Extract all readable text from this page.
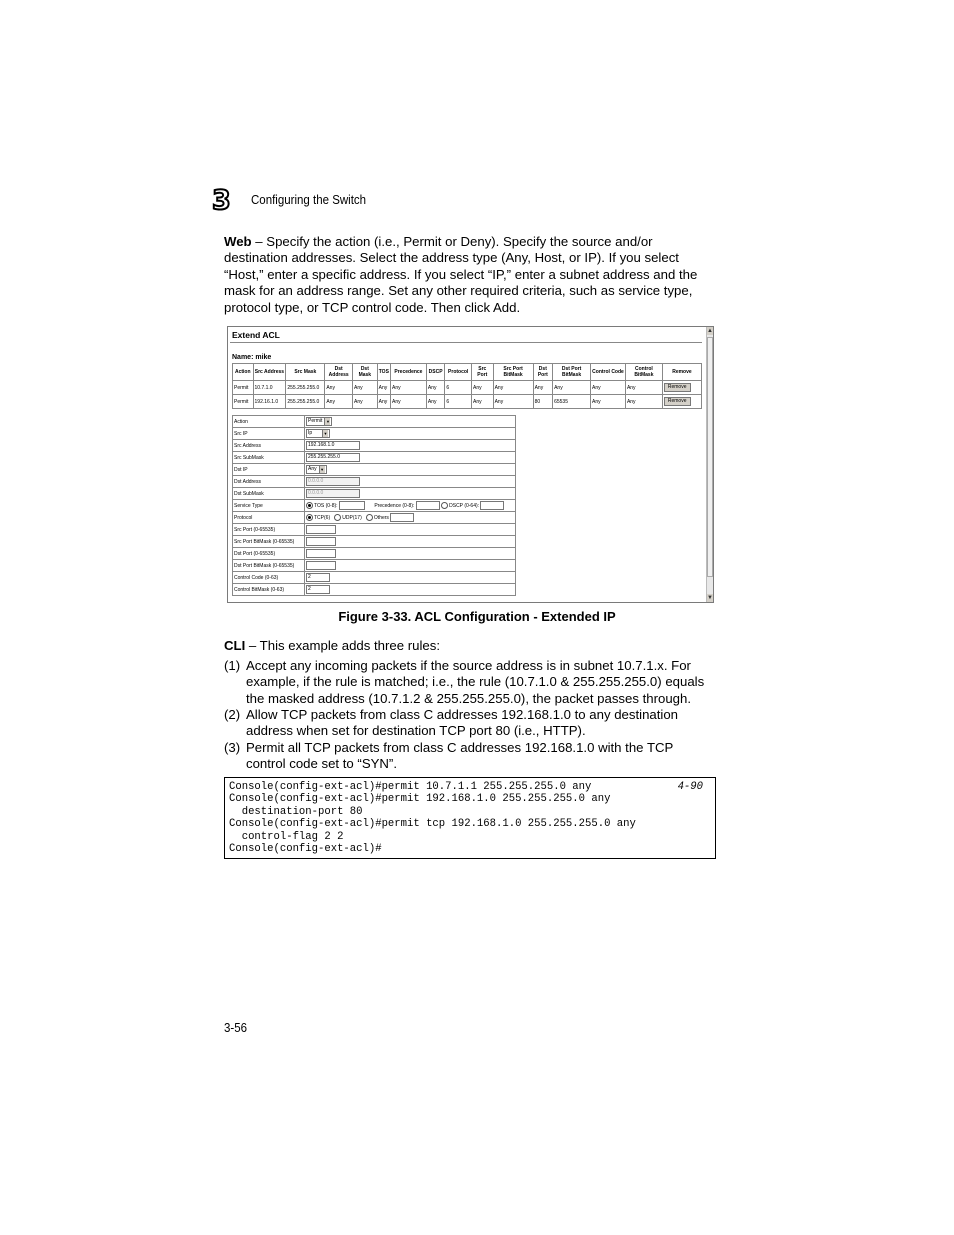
3	Configuring the Switch
Web – Specify the action (i.e., Permit or Deny). Specify the source and/or destination addresses. Select the address type (Any, Host, or IP). If you select “Host,” enter a specific address. If you select “IP,” enter a subnet address and the mask for an address range. Set any other required criteria, such as service type, protocol type, or TCP control code. Then click Add.
Extend ACL
Name: mike
Action	Src Address	Src Mask	Dst Address	Dst Mask	TOS	Precedence	DSCP	Protocol	Src Port	Src Port BitMask	Dst Port	Dst Port BitMask	Control Code	Control BitMask	Remove
Permit	10.7.1.0	255.255.255.0	Any	Any	Any	Any	Any	6	Any	Any	Any	Any	Any	Any	Remove
Permit	192.16.1.0	255.255.255.0	Any	Any	Any	Any	Any	6	Any	Any	80	65535	Any	Any	Remove
Action	Permit ▼
Src IP	Ip ▼

Src Address	192.168.1.0
Src SubMask	255.255.255.0
Dst IP	Any ▼
Dst Address	0.0.0.0
Dst SubMask	0.0.0.0
Service Type	TOS (0-8): Precedence (0-8): DSCP (0-64):
Protocol	TCP(6) UDP(17) Others
Src Port (0-65535)	
Src Port BitMask (0-65535)	
Dst Port (0-65535)	
Dst Port BitMask (0-65535)	
Control Code (0-63)	2
Control BitMask (0-63)	2
▲
▼
Figure 3-33. ACL Configuration - Extended IP
CLI – This example adds three rules:
(1) Accept any incoming packets if the source address is in subnet 10.7.1.x. For example, if the rule is matched; i.e., the rule (10.7.1.0 & 255.255.255.0) equals the masked address (10.7.1.2 & 255.255.255.0), the packet passes through.
(2) Allow TCP packets from class C addresses 192.168.1.0 to any destination address when set for destination TCP port 80 (i.e., HTTP).
(3) Permit all TCP packets from class C addresses 192.168.1.0 with the TCP control code set to “SYN”.
Console(config-ext-acl)#permit 10.7.1.1 255.255.255.0 any
Console(config-ext-acl)#permit 192.168.1.0 255.255.255.0 any
destination-port 80
Console(config-ext-acl)#permit tcp 192.168.1.0 255.255.255.0 any
control-flag 2 2
Console(config-ext-acl)#
4-90
3-56
